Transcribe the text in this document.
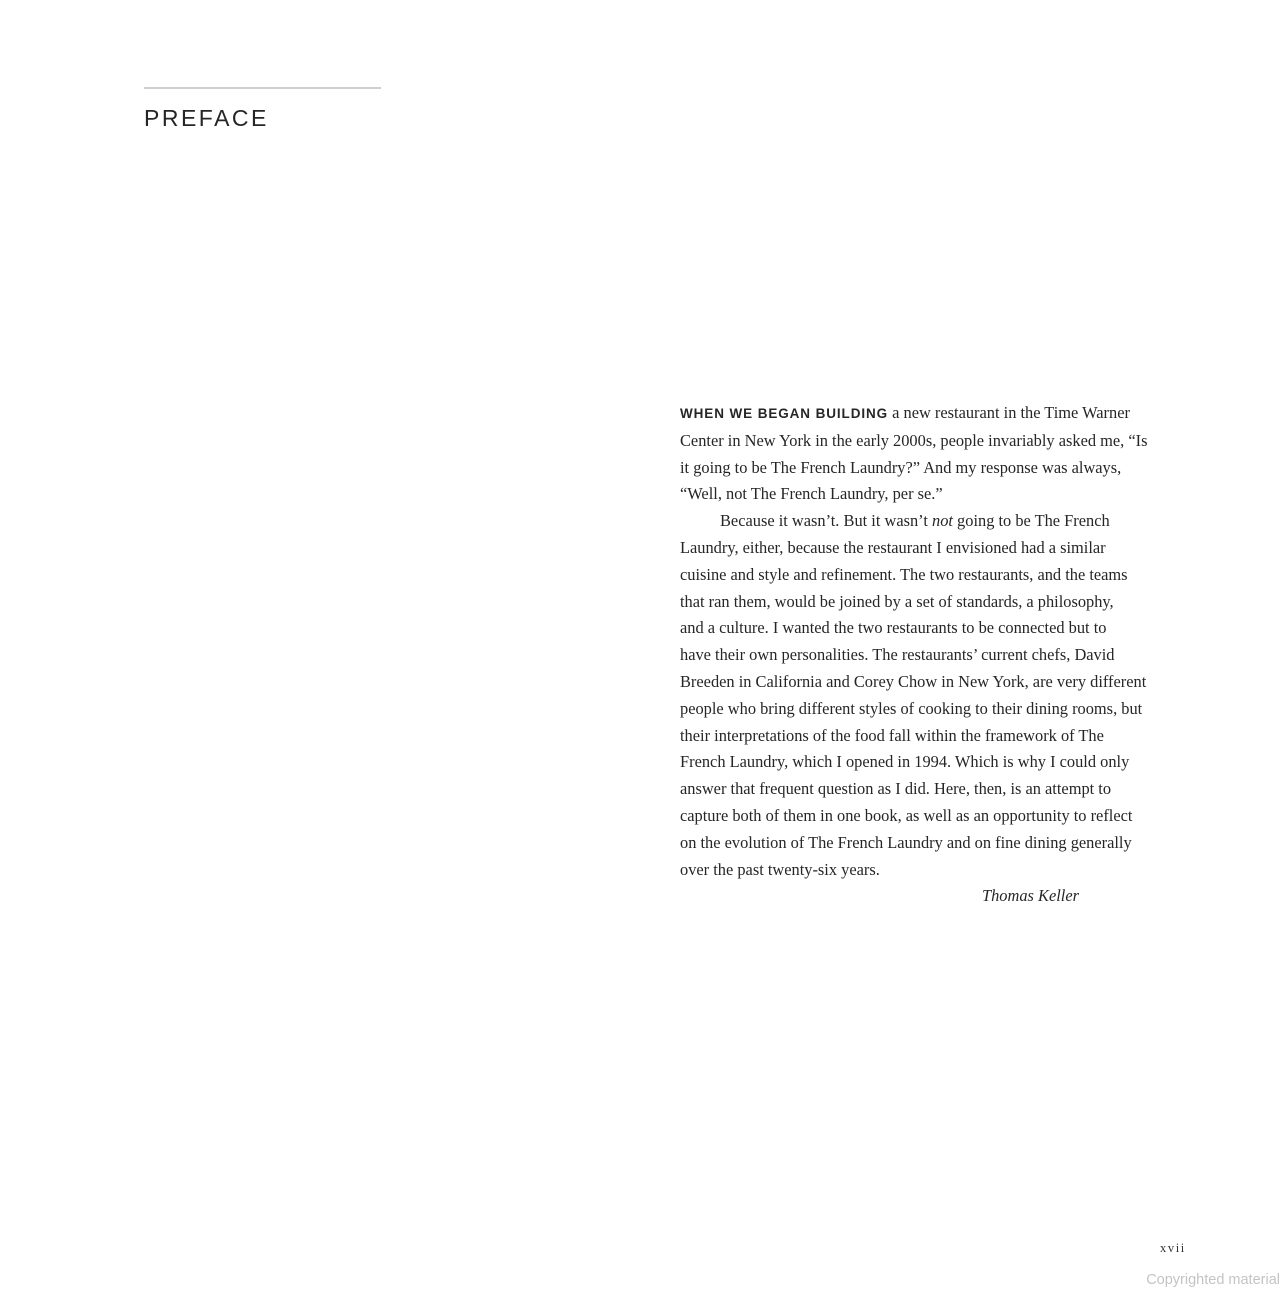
PREFACE

WHEN WE BEGAN BUILDING a new restaurant in the Time Warner
Center in New York in the early 2000s, people invariably asked me, “Is
it going to be The French Laundry?” And my response was always,
“Well, not The French Laundry, per se.”

Because it wasn’t. But it wasn’t not going to be The French
Laundry, either, because the restaurant I envisioned had a similar
cuisine and style and refinement. The two restaurants, and the teams
that ran them, would be joined by a set of standards, a philosophy,
and a culture. I wanted the two restaurants to be connected but to
have their own personalities. The restaurants’ current chefs, David
Breeden in California and Corey Chow in New York, are very different
people who bring different styles of cooking to their dining rooms, but
their interpretations of the food fall within the framework of The
French Laundry, which I opened in 1994. Which is why I could only
answer that frequent question as I did. Here, then, is an attempt to
capture both of them in one book, as well as an opportunity to reflect
on the evolution of The French Laundry and on fine dining generally
over the past twenty-six years.

Thomas Keller

xvii

Copyrighted material
